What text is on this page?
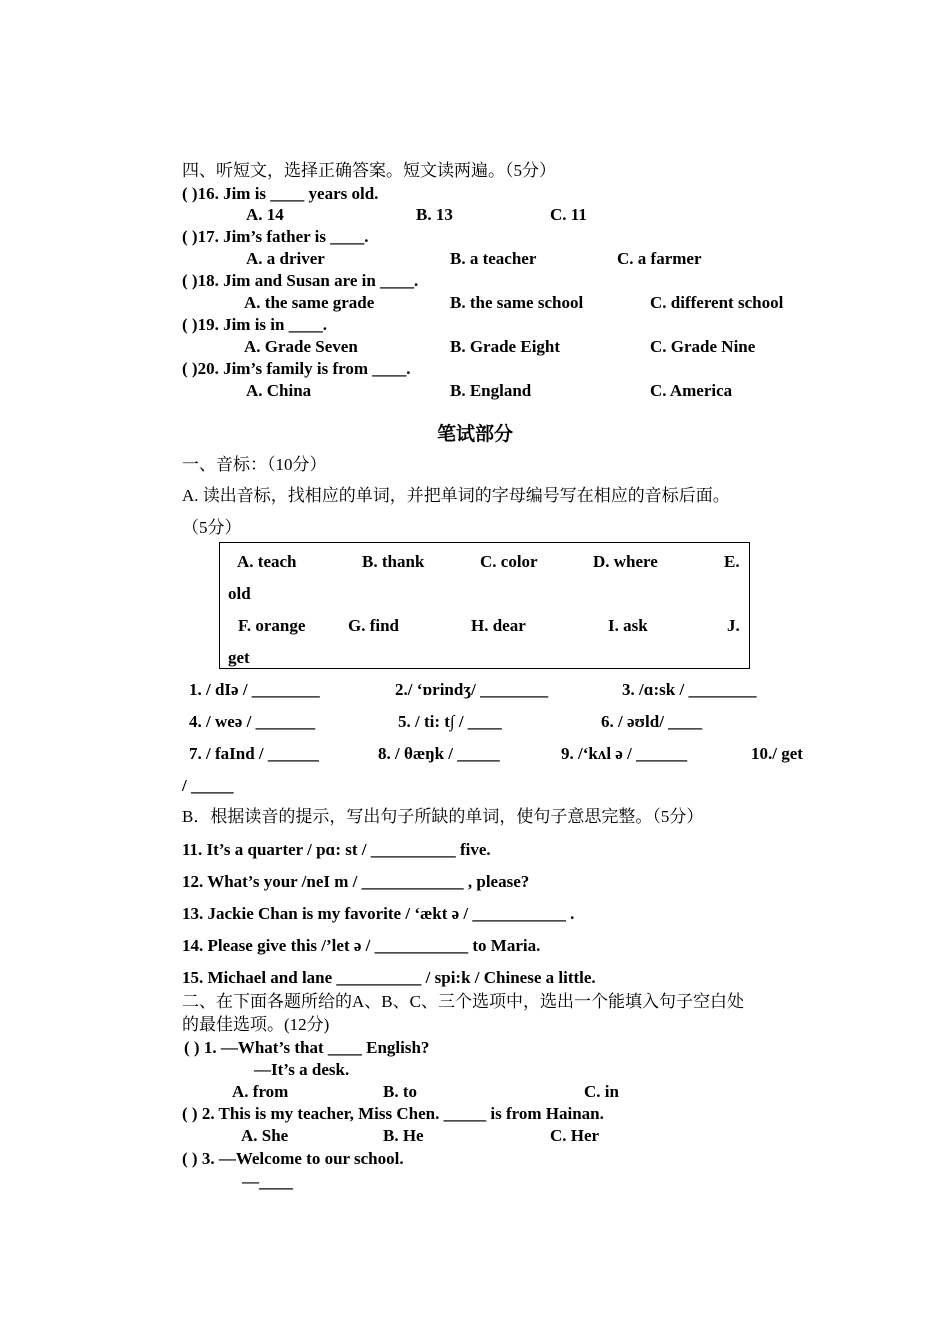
四、听短文，选择正确答案。短文读两遍。（5分）
( )16. Jim is ____ years old.
A. 14	B. 13	C. 11
( )17. Jim’s father is ____.
A. a driver	B. a teacher	C. a farmer
( )18. Jim and Susan are in ____.
A. the same grade	B. the same school	C. different school
( )19. Jim is in ____.
A. Grade Seven	B. Grade Eight	C. Grade Nine
( )20. Jim’s family is from ____.
A. China	B. England	C. America
笔试部分
一、音标：（10分）
A. 读出音标，找相应的单词，并把单词的字母编号写在相应的音标后面。
（5分）
A. teach	B. thank	C. color	D. where	E.
old
F. orange	G. find	H. dear	I. ask	J.
get
1. / dIə / ________	2./ ‘ɒrindʒ/ ________	3. /ɑ:sk / ________
4. / weə / _______	5. / ti: t∫ / ____	6. / əʊld/ ____
7. / faInd / ______	8. / θæŋk / _____	9. /‘kʌl ə / ______	10./ get
/ _____
B．根据读音的提示，写出句子所缺的单词，使句子意思完整。（5分）
11. It’s a quarter / pɑ: st / __________ five.
12. What’s your /neI m / ____________ , please?
13. Jackie Chan is my favorite / ‘ækt ə / ___________ .
14. Please give this /’let ə / ___________ to Maria.
15. Michael and lane __________ / spi:k / Chinese a little.
二、在下面各题所给的A、B、C、三个选项中，选出一个能填入句子空白处
的最佳选项。(12分)
( ) 1. —What’s that ____ English?
—It’s a desk.
A. from	B. to	C. in
( ) 2. This is my teacher, Miss Chen. _____ is from Hainan.
A. She	B. He	C. Her
( ) 3. —Welcome to our school.
—____
